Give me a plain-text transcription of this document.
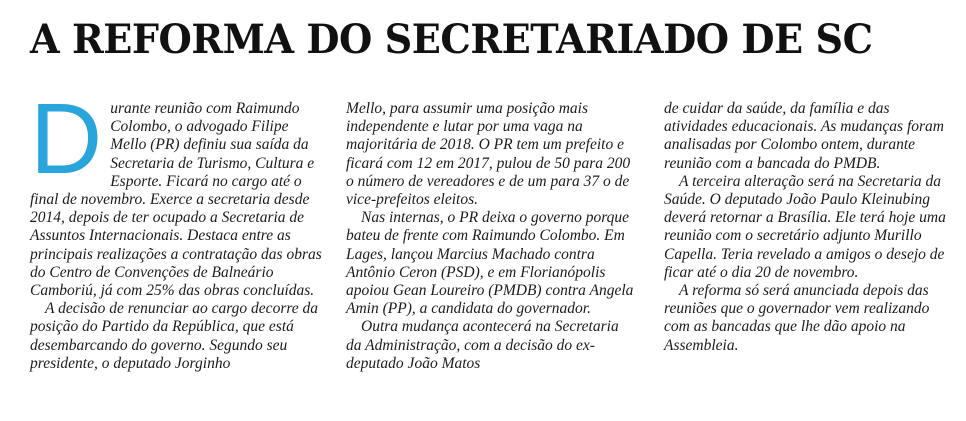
A REFORMA DO SECRETARIADO DE SC

Durante reunião com Raimundo Colombo, o advogado Filipe Mello (PR) definiu sua saída da Secretaria de Turismo, Cultura e Esporte. Ficará no cargo até o final de novembro. Exerce a secretaria desde 2014, depois de ter ocupado a Secretaria de Assuntos Internacionais. Destaca entre as principais realizações a contratação das obras do Centro de Convenções de Balneário Camboriú, já com 25% das obras concluídas.

A decisão de renunciar ao cargo decorre da posição do Partido da República, que está desembarcando do governo. Segundo seu presidente, o deputado Jorginho

Mello, para assumir uma posição mais independente e lutar por uma vaga na majoritária de 2018. O PR tem um prefeito e ficará com 12 em 2017, pulou de 50 para 200 o número de vereadores e de um para 37 o de vice-prefeitos eleitos.

Nas internas, o PR deixa o governo porque bateu de frente com Raimundo Colombo. Em Lages, lançou Marcius Machado contra Antônio Ceron (PSD), e em Florianópolis apoiou Gean Loureiro (PMDB) contra Angela Amin (PP), a candidata do governador.

Outra mudança acontecerá na Secretaria da Administração, com a decisão do ex-deputado João Matos

de cuidar da saúde, da família e das atividades educacionais. As mudanças foram analisadas por Colombo ontem, durante reunião com a bancada do PMDB.

A terceira alteração será na Secretaria da Saúde. O deputado João Paulo Kleinubing deverá retornar a Brasília. Ele terá hoje uma reunião com o secretário adjunto Murillo Capella. Teria revelado a amigos o desejo de ficar até o dia 20 de novembro.

A reforma só será anunciada depois das reuniões que o governador vem realizando com as bancadas que lhe dão apoio na Assembleia.
